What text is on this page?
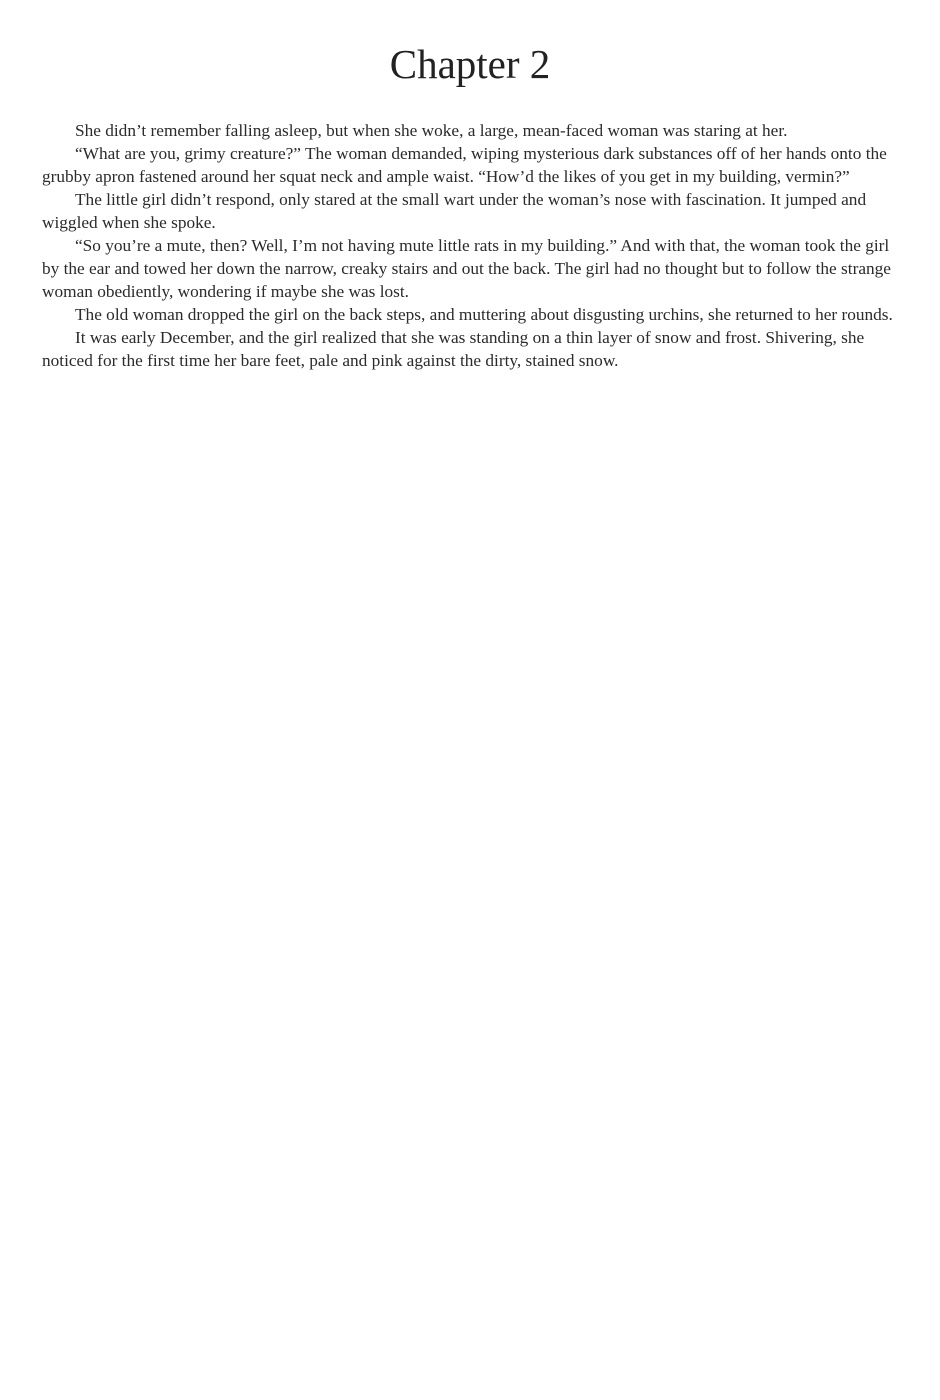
Chapter 2

She didn’t remember falling asleep, but when she woke, a large, mean-faced woman was staring at her.

“What are you, grimy creature?” The woman demanded, wiping mysterious dark substances off of her hands onto the grubby apron fastened around her squat neck and ample waist. “How’d the likes of you get in my building, vermin?”

The little girl didn’t respond, only stared at the small wart under the woman’s nose with fascination. It jumped and wiggled when she spoke.

“So you’re a mute, then? Well, I’m not having mute little rats in my building.” And with that, the woman took the girl by the ear and towed her down the narrow, creaky stairs and out the back. The girl had no thought but to follow the strange woman obediently, wondering if maybe she was lost.

The old woman dropped the girl on the back steps, and muttering about disgusting urchins, she returned to her rounds.

It was early December, and the girl realized that she was standing on a thin layer of snow and frost. Shivering, she noticed for the first time her bare feet, pale and pink against the dirty, stained snow.
